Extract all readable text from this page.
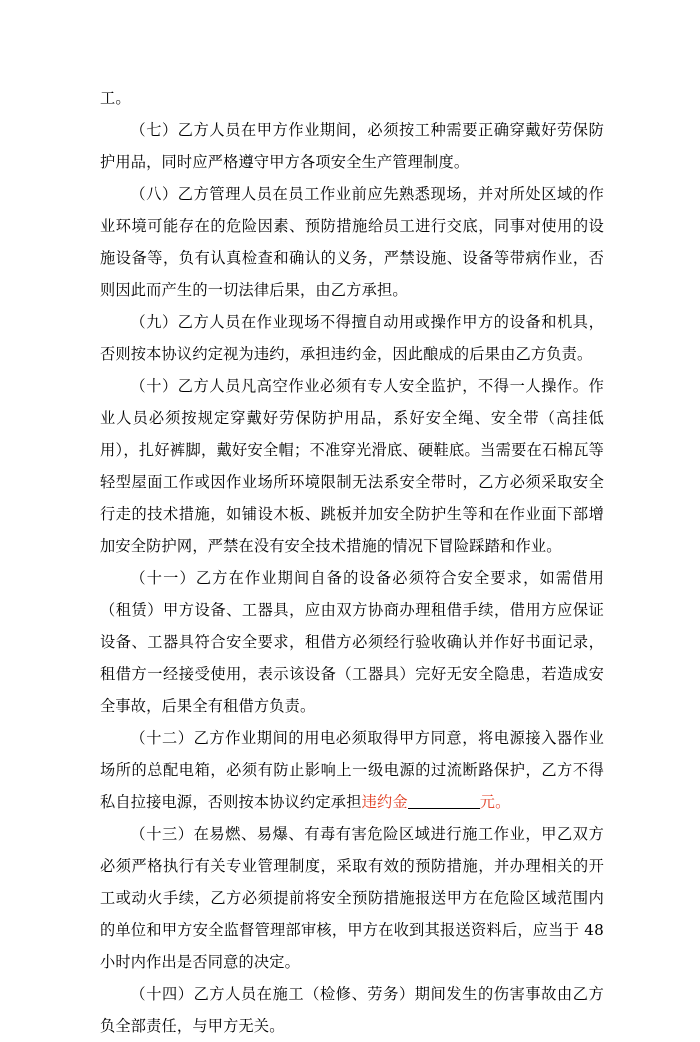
工。

（七）乙方人员在甲方作业期间，必须按工种需要正确穿戴好劳保防护用品，同时应严格遵守甲方各项安全生产管理制度。

（八）乙方管理人员在员工作业前应先熟悉现场，并对所处区域的作业环境可能存在的危险因素、预防措施给员工进行交底，同事对使用的设施设备等，负有认真检查和确认的义务，严禁设施、设备等带病作业，否则因此而产生的一切法律后果，由乙方承担。

（九）乙方人员在作业现场不得擅自动用或操作甲方的设备和机具，否则按本协议约定视为违约，承担违约金，因此酿成的后果由乙方负责。

（十）乙方人员凡高空作业必须有专人安全监护，不得一人操作。作业人员必须按规定穿戴好劳保防护用品，系好安全绳、安全带（高挂低用），扎好裤脚，戴好安全帽；不准穿光滑底、硬鞋底。当需要在石棉瓦等轻型屋面工作或因作业场所环境限制无法系安全带时，乙方必须采取安全行走的技术措施，如铺设木板、跳板并加安全防护生等和在作业面下部增加安全防护网，严禁在没有安全技术措施的情况下冒险踩踏和作业。

（十一）乙方在作业期间自备的设备必须符合安全要求，如需借用（租赁）甲方设备、工器具，应由双方协商办理租借手续，借用方应保证设备、工器具符合安全要求，租借方必须经行验收确认并作好书面记录，租借方一经接受使用，表示该设备（工器具）完好无安全隐患，若造成安全事故，后果全有租借方负责。

（十二）乙方作业期间的用电必须取得甲方同意，将电源接入器作业场所的总配电箱，必须有防止影响上一级电源的过流断路保护，乙方不得私自拉接电源，否则按本协议约定承担违约金	元。

（十三）在易燃、易爆、有毒有害危险区域进行施工作业，甲乙双方必须严格执行有关专业管理制度，采取有效的预防措施，并办理相关的开工或动火手续，乙方必须提前将安全预防措施报送甲方在危险区域范围内的单位和甲方安全监督管理部审核，甲方在收到其报送资料后，应当于 48 小时内作出是否同意的决定。

（十四）乙方人员在施工（检修、劳务）期间发生的伤害事故由乙方负全部责任，与甲方无关。
